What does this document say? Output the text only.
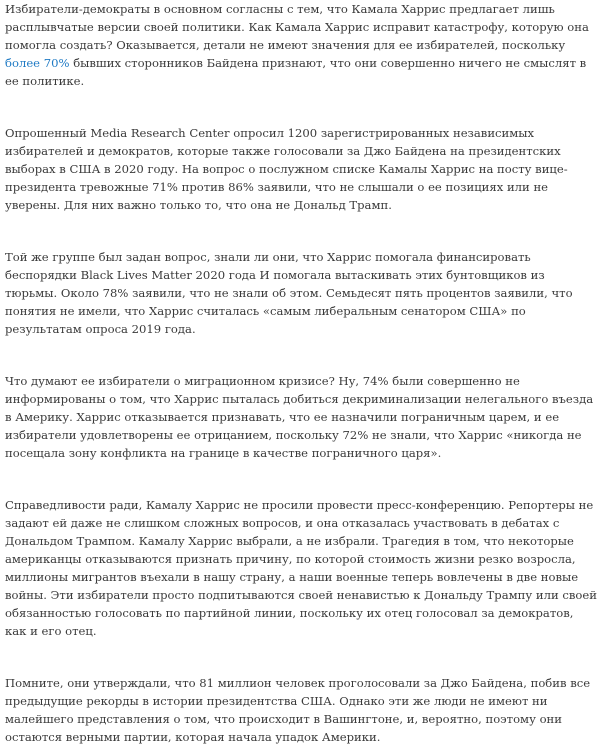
Избиратели-демократы в основном согласны с тем, что Камала Харрис предлагает лишь расплывчатые версии своей политики. Как Камала Харрис исправит катастрофу, которую она помогла создать? Оказывается, детали не имеют значения для ее избирателей, поскольку более 70% бывших сторонников Байдена признают, что они совершенно ничего не смыслят в ее политике.

Опрошенный Media Research Center опросил 1200 зарегистрированных независимых избирателей и демократов, которые также голосовали за Джо Байдена на президентских выборах в США в 2020 году. На вопрос о послужном списке Камалы Харрис на посту вице-президента тревожные 71% против 86% заявили, что не слышали о ее позициях или не уверены. Для них важно только то, что она не Дональд Трамп.

Той же группе был задан вопрос, знали ли они, что Харрис помогала финансировать беспорядки Black Lives Matter 2020 года И помогала вытаскивать этих бунтовщиков из тюрьмы. Около 78% заявили, что не знали об этом. Семьдесят пять процентов заявили, что понятия не имели, что Харрис считалась «самым либеральным сенатором США» по результатам опроса 2019 года.

Что думают ее избиратели о миграционном кризисе? Ну, 74% были совершенно не информированы о том, что Харрис пыталась добиться декриминализации нелегального въезда в Америку. Харрис отказывается признавать, что ее назначили пограничным царем, и ее избиратели удовлетворены ее отрицанием, поскольку 72% не знали, что Харрис «никогда не посещала зону конфликта на границе в качестве пограничного царя».

Справедливости ради, Камалу Харрис не просили провести пресс-конференцию. Репортеры не задают ей даже не слишком сложных вопросов, и она отказалась участвовать в дебатах с Дональдом Трампом. Камалу Харрис выбрали, а не избрали. Трагедия в том, что некоторые американцы отказываются признать причину, по которой стоимость жизни резко возросла, миллионы мигрантов въехали в нашу страну, а наши военные теперь вовлечены в две новые войны. Эти избиратели просто подпитываются своей ненавистью к Дональду Трампу или своей обязанностью голосовать по партийной линии, поскольку их отец голосовал за демократов, как и его отец.

Помните, они утверждали, что 81 миллион человек проголосовали за Джо Байдена, побив все предыдущие рекорды в истории президентства США. Однако эти же люди не имеют ни малейшего представления о том, что происходит в Вашингтоне, и, вероятно, поэтому они остаются верными партии, которая начала упадок Америки.
